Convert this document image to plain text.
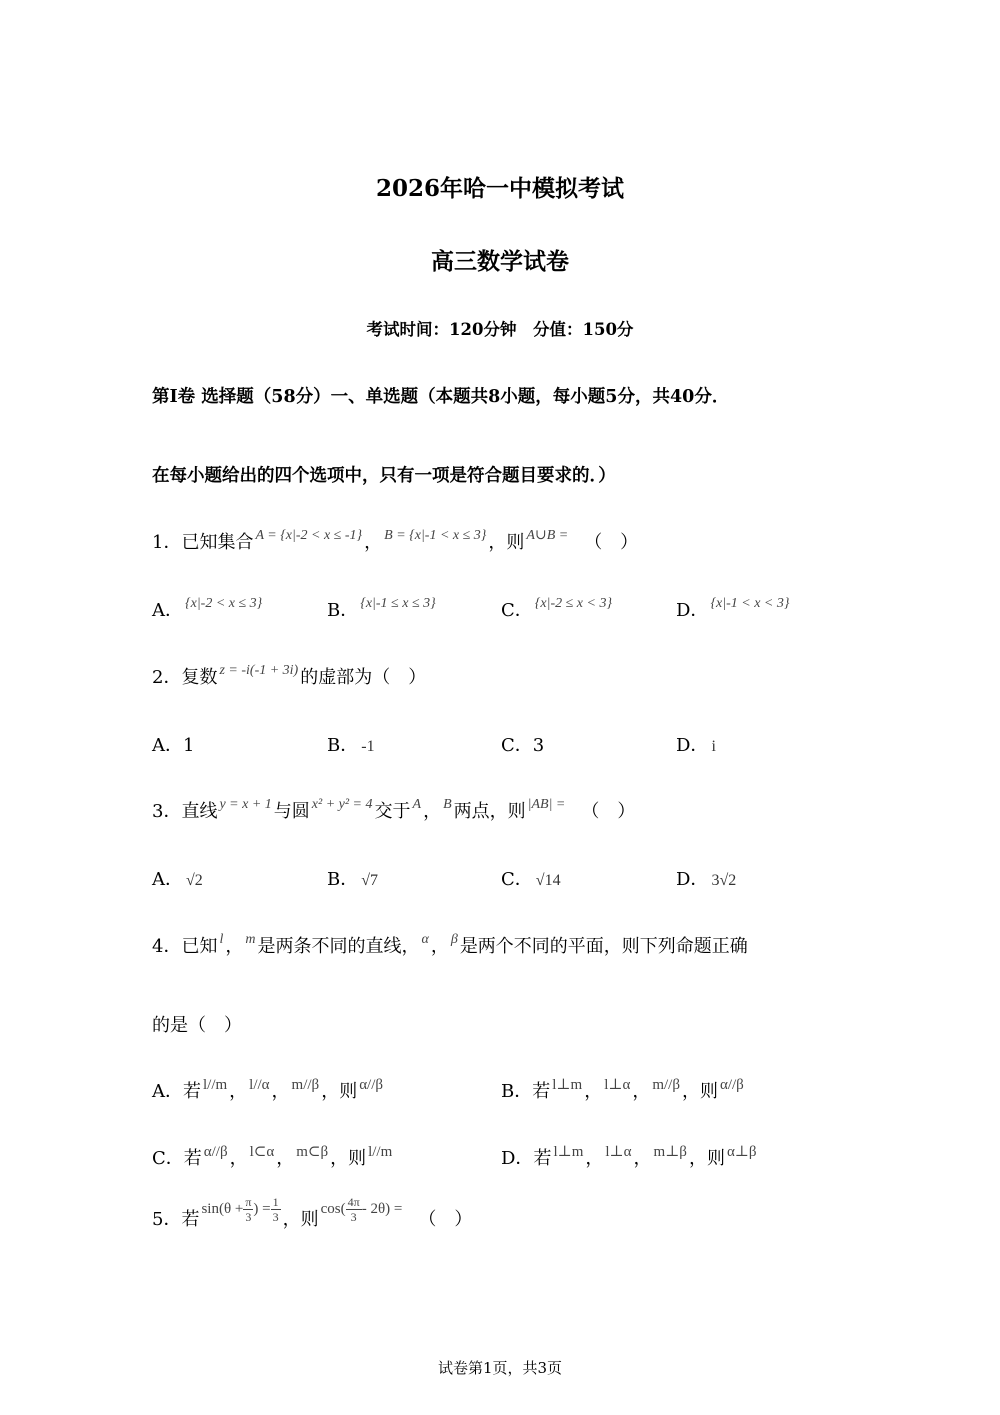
2026年哈一中模拟考试
高三数学试卷
考试时间：120分钟　分值：150分
第Ⅰ卷 选择题（58分）一、单选题（本题共8小题，每小题5分，共40分．
在每小题给出的四个选项中，只有一项是符合题目要求的．）
1．已知集合 $^{A = \{x|-2 < x \le -1\}}$ ， $^{B = \{x|-1 < x \le 3\}}$ ，则 $^{A\cup B =}$ （　）
A． $^{\{x|-2 < x \le 3\}}$	B． $^{\{x|-1 \le x \le 3\}}$	C． $^{\{x|-2 \le x < 3\}}$	D． $^{\{x|-1 < x < 3\}}$
2．复数 $^{z = -i(-1 + 3i)}$ 的虚部为（　）
A．1	B． -1	C．3	D． i
3．直线 $^{y = x + 1}$ 与圆 $^{x^2 + y^2 = 4}$ 交于 $^A$ ， $^B$ 两点，则 $^{|AB| =}$ （　）
A． √2	B． √7	C． √14	D． 3√2
4．已知 $^l$ ， $^m$ 是两条不同的直线， $^\alpha$ ， $^\beta$ 是两个不同的平面，则下列命题正确
的是（　）
A．若 $^{l//m}$ ， $^{l//\alpha}$ ， $^{m//\beta}$ ，则 $^{\alpha//\beta}$	B．若 $^{l\perp m}$ ， $^{l\perp\alpha}$ ， $^{m//\beta}$ ，则 $^{\alpha//\beta}$
C．若 $^{\alpha//\beta}$ ， $^{l\subset\alpha}$ ， $^{m\subset\beta}$ ，则 $^{l//m}$	D．若 $^{l\perp m}$ ， $^{l\perp\alpha}$ ， $^{m\perp\beta}$ ，则 $^{\alpha\perp\beta}$
5．若 $^{sin(\theta + \frac{\pi}{3} ) = \frac{1}{3}}$ ，则 $^{cos( \frac{4\pi}{3} - 2\theta) =}$ （　）
试卷第1页，共3页
